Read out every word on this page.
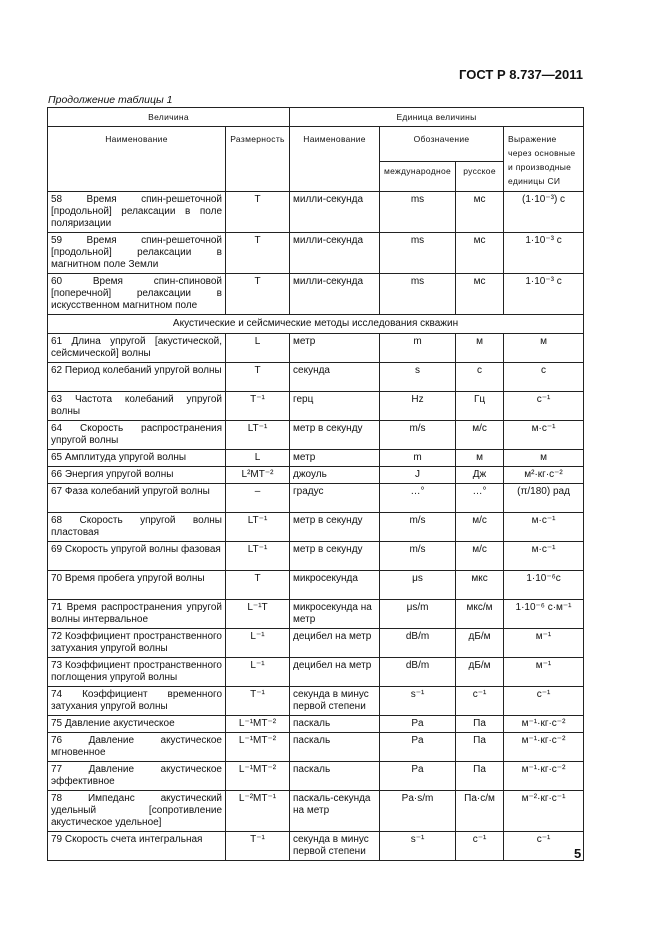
ГОСТ Р 8.737—2011
Продолжение таблицы 1
Величина		Единица величины			
Наименование	Размерность	Наименование	Обозначение		Выражение через основные и производные единицы СИ
			международное	русское	
58 Время спин-решеточной [продольной] релаксации в поле поляризации	T	милли-секунда	ms	мс	(1·10⁻³) с
59 Время спин-решеточной [продольной] релаксации в магнитном поле Земли	T	милли-секунда	ms	мс	1·10⁻³ с
60 Время спин-спиновой [поперечной] релаксации в искусственном магнитном поле	T	милли-секунда	ms	мс	1·10⁻³ с
Акустические и сейсмические методы исследования скважин					
61 Длина упругой [акустической, сейсмической] волны	L	метр	m	м	м
62 Период колебаний упругой волны	T	секунда	s	с	с
63 Частота колебаний упругой волны	T⁻¹	герц	Hz	Гц	с⁻¹
64 Скорость распространения упругой волны	LT⁻¹	метр в секунду	m/s	м/с	м·с⁻¹
65 Амплитуда упругой волны	L	метр	m	м	м
66 Энергия упругой волны	L²MT⁻²	джоуль	J	Дж	м²·кг·с⁻²
67 Фаза колебаний упругой волны	–	градус	…°	…°	(π/180) рад
68 Скорость упругой волны пластовая	LT⁻¹	метр в секунду	m/s	м/с	м·с⁻¹
69 Скорость упругой волны фазовая	LT⁻¹	метр в секунду	m/s	м/с	м·с⁻¹
70 Время пробега упругой волны	T	микросекунда	μs	мкс	1·10⁻⁶с
71 Время распространения упругой волны интервальное	L⁻¹T	микросекунда на метр	μs/m	мкс/м	1·10⁻⁶ с·м⁻¹
72 Коэффициент пространственного затухания упругой волны	L⁻¹	децибел на метр	dB/m	дБ/м	м⁻¹
73 Коэффициент пространственного поглощения упругой волны	L⁻¹	децибел на метр	dB/m	дБ/м	м⁻¹
74 Коэффициент временного затухания упругой волны	T⁻¹	секунда в минус первой степени	s⁻¹	с⁻¹	с⁻¹
75 Давление акустическое	L⁻¹MT⁻²	паскаль	Pa	Па	м⁻¹·кг·с⁻²
76 Давление акустическое мгновенное	L⁻¹MT⁻²	паскаль	Pa	Па	м⁻¹·кг·с⁻²
77 Давление акустическое эффективное	L⁻¹MT⁻²	паскаль	Pa	Па	м⁻¹·кг·с⁻²
78 Импеданс акустический удельный [сопротивление акустическое удельное]	L⁻²MT⁻¹	паскаль-секунда на метр	Pa·s/m	Па·с/м	м⁻²·кг·с⁻¹
79 Скорость счета интегральная	T⁻¹	секунда в минус первой степени	s⁻¹	с⁻¹	с⁻¹
5
